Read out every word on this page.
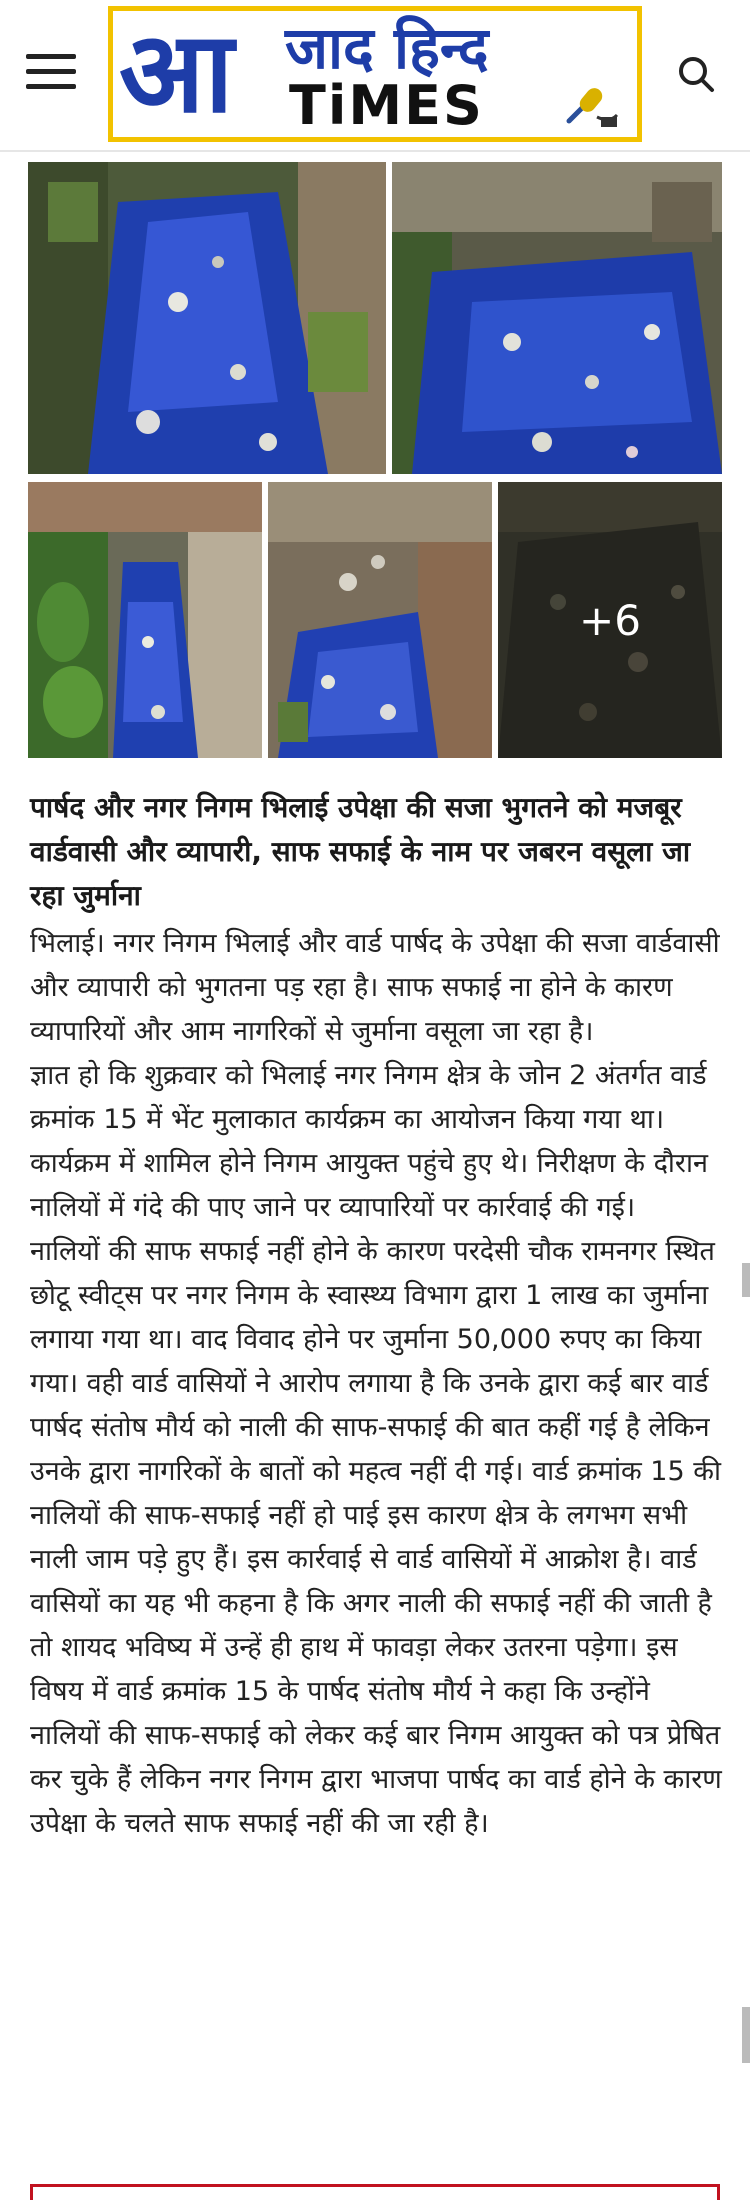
आ जाद हिन्द
TiMES
+6
पार्षद और नगर निगम भिलाई उपेक्षा की सजा भुगतने को मजबूर वार्डवासी और व्यापारी, साफ सफाई के नाम पर जबरन वसूला जा रहा जुर्माना

भिलाई। नगर निगम भिलाई और वार्ड पार्षद के उपेक्षा की सजा वार्डवासी और व्यापारी को भुगतना पड़ रहा है। साफ सफाई ना होने के कारण व्यापारियों और आम नागरिकों से जुर्माना वसूला जा रहा है।

ज्ञात हो कि शुक्रवार को भिलाई नगर निगम क्षेत्र के जोन 2 अंतर्गत वार्ड क्रमांक 15 में भेंट मुलाकात कार्यक्रम का आयोजन किया गया था। कार्यक्रम में शामिल होने निगम आयुक्त पहुंचे हुए थे। निरीक्षण के दौरान नालियों में गंदे की पाए जाने पर व्यापारियों पर कार्रवाई की गई।

नालियों की साफ सफाई नहीं होने के कारण परदेसी चौक रामनगर स्थित छोटू स्वीट्स पर नगर निगम के स्वास्थ्य विभाग द्वारा 1 लाख का जुर्माना लगाया गया था। वाद विवाद होने पर जुर्माना 50,000 रुपए का किया गया। वही वार्ड वासियों ने आरोप लगाया है कि उनके द्वारा कई बार वार्ड पार्षद संतोष मौर्य को नाली की साफ-सफाई की बात कहीं गई है लेकिन उनके द्वारा नागरिकों के बातों को महत्व नहीं दी गई। वार्ड क्रमांक 15 की नालियों की साफ-सफाई नहीं हो पाई इस कारण क्षेत्र के लगभग सभी नाली जाम पड़े हुए हैं। इस कार्रवाई से वार्ड वासियों में आक्रोश है। वार्ड वासियों का यह भी कहना है कि अगर नाली की सफाई नहीं की जाती है तो शायद भविष्य में उन्हें ही हाथ में फावड़ा लेकर उतरना पड़ेगा। इस विषय में वार्ड क्रमांक 15 के पार्षद संतोष मौर्य ने कहा कि उन्होंने नालियों की साफ-सफाई को लेकर कई बार निगम आयुक्त को पत्र प्रेषित कर चुके हैं लेकिन नगर निगम द्वारा भाजपा पार्षद का वार्ड होने के कारण उपेक्षा के चलते साफ सफाई नहीं की जा रही है।
